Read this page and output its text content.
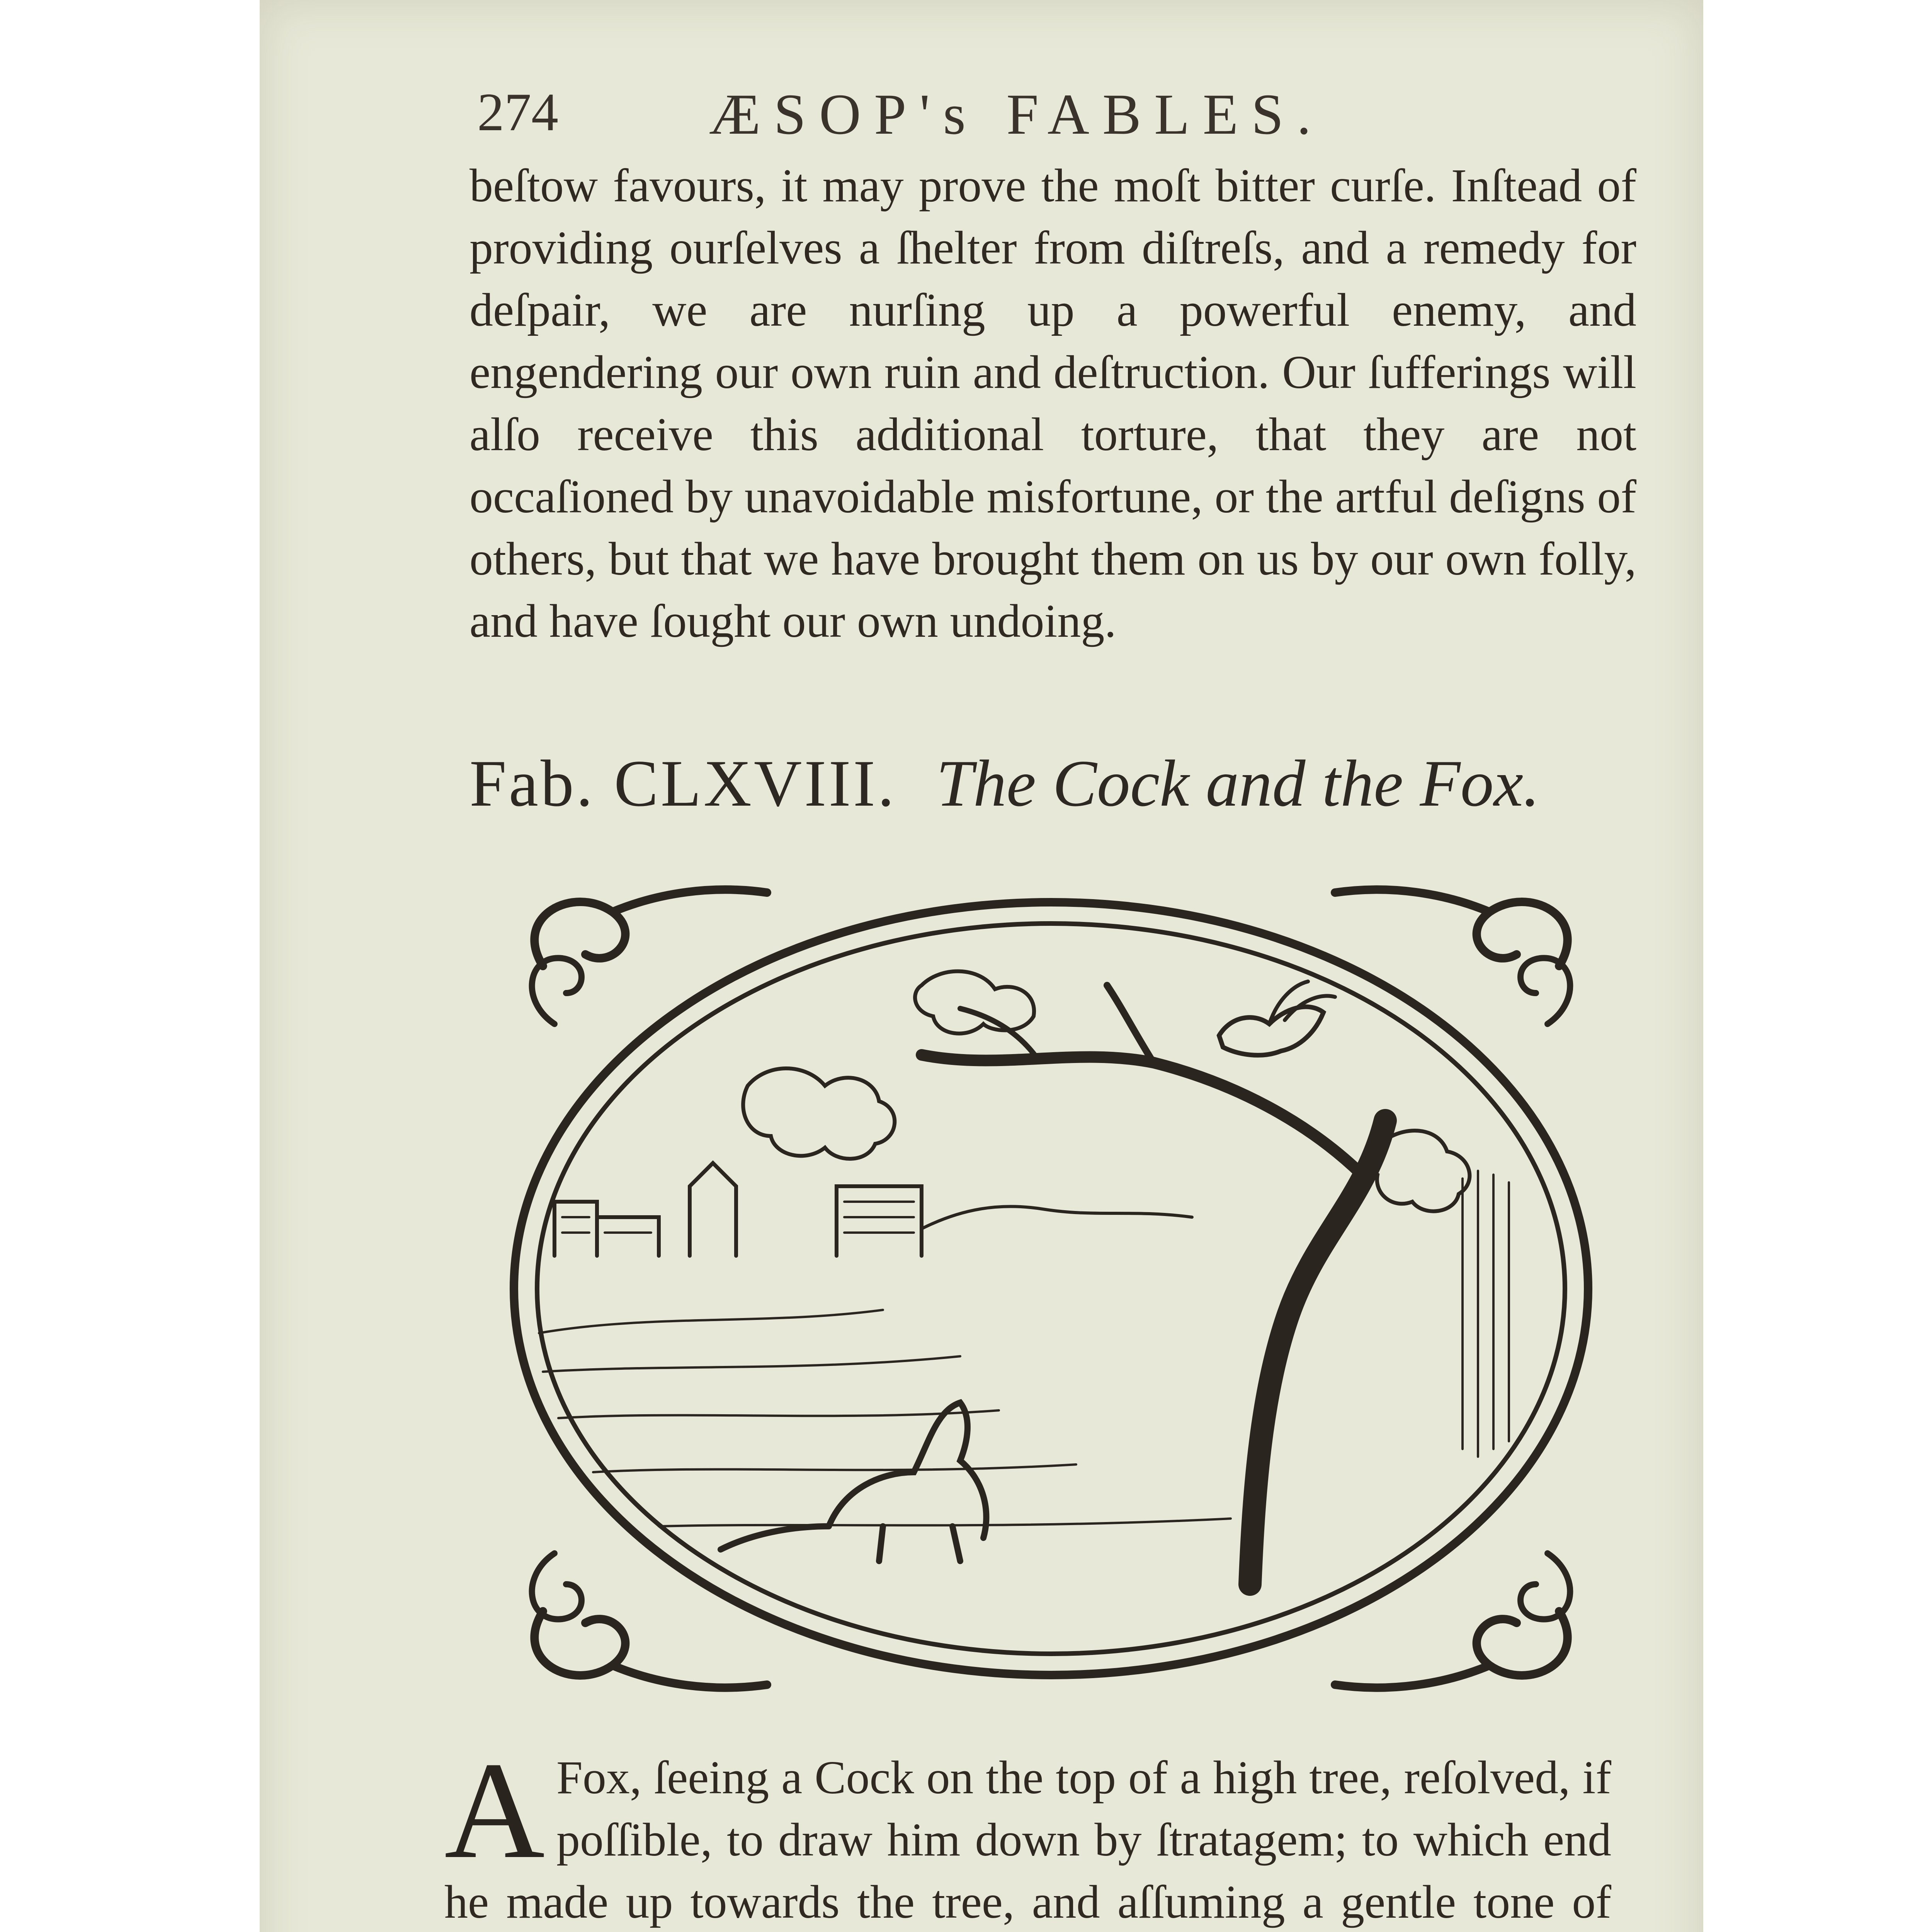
274	ÆSOP's FABLES.
beſtow favours, it may prove the moſt bitter curſe. Inſtead of providing ourſelves a ſhelter from diſtreſs, and a remedy for deſpair, we are nurſing up a powerful enemy, and engendering our own ruin and deſtruction. Our ſufferings will alſo receive this additional torture, that they are not occaſioned by unavoidable misfortune, or the artful deſigns of others, but that we have brought them on us by our own folly, and have ſought our own undoing.
Fab. CLXVIII. The Cock and the Fox.
A Fox, ſeeing a Cock on the top of a high tree, reſolved, if poſſible, to draw him down by ſtratagem; to which end he made up towards the tree, and aſſuming a gentle tone of
